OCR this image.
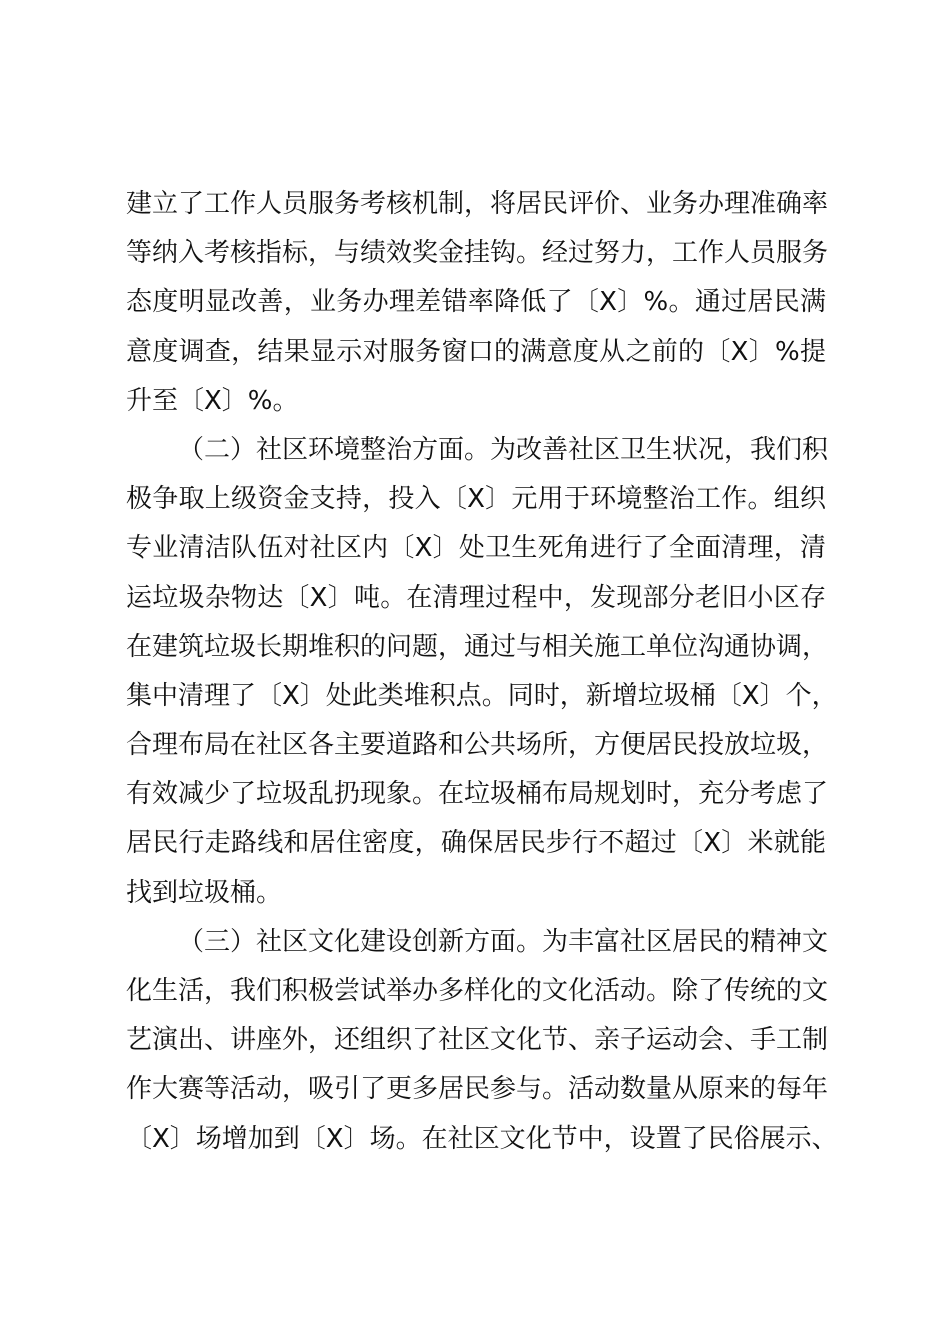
建立了工作人员服务考核机制，将居民评价、业务办理准确率
等纳入考核指标，与绩效奖金挂钩。经过努力，工作人员服务
态度明显改善，业务办理差错率降低了〔X〕%。通过居民满
意度调查，结果显示对服务窗口的满意度从之前的〔X〕%提
升至〔X〕%。
（二）社区环境整治方面。为改善社区卫生状况，我们积
极争取上级资金支持，投入〔X〕元用于环境整治工作。组织
专业清洁队伍对社区内〔X〕处卫生死角进行了全面清理，清
运垃圾杂物达〔X〕吨。在清理过程中，发现部分老旧小区存
在建筑垃圾长期堆积的问题，通过与相关施工单位沟通协调，
集中清理了〔X〕处此类堆积点。同时，新增垃圾桶〔X〕个，
合理布局在社区各主要道路和公共场所，方便居民投放垃圾，
有效减少了垃圾乱扔现象。在垃圾桶布局规划时，充分考虑了
居民行走路线和居住密度，确保居民步行不超过〔X〕米就能
找到垃圾桶。
（三）社区文化建设创新方面。为丰富社区居民的精神文
化生活，我们积极尝试举办多样化的文化活动。除了传统的文
艺演出、讲座外，还组织了社区文化节、亲子运动会、手工制
作大赛等活动，吸引了更多居民参与。活动数量从原来的每年
〔X〕场增加到〔X〕场。在社区文化节中，设置了民俗展示、
